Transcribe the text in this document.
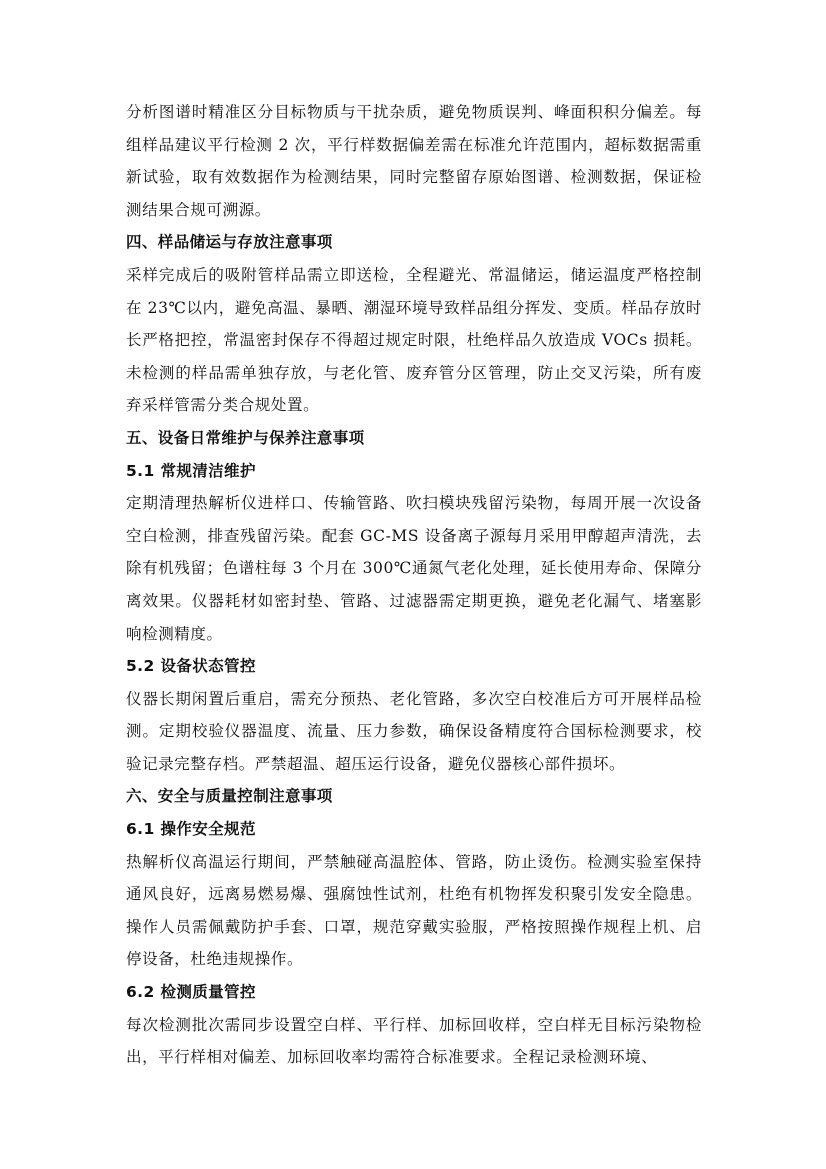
分析图谱时精准区分目标物质与干扰杂质，避免物质误判、峰面积积分偏差。每组样品建议平行检测 2 次，平行样数据偏差需在标准允许范围内，超标数据需重新试验，取有效数据作为检测结果，同时完整留存原始图谱、检测数据，保证检测结果合规可溯源。

四、样品储运与存放注意事项

采样完成后的吸附管样品需立即送检，全程避光、常温储运，储运温度严格控制在 23℃以内，避免高温、暴晒、潮湿环境导致样品组分挥发、变质。样品存放时长严格把控，常温密封保存不得超过规定时限，杜绝样品久放造成 VOCs 损耗。未检测的样品需单独存放，与老化管、废弃管分区管理，防止交叉污染，所有废弃采样管需分类合规处置。

五、设备日常维护与保养注意事项

5.1 常规清洁维护

定期清理热解析仪进样口、传输管路、吹扫模块残留污染物，每周开展一次设备空白检测，排查残留污染。配套 GC-MS 设备离子源每月采用甲醇超声清洗，去除有机残留；色谱柱每 3 个月在 300℃通氮气老化处理，延长使用寿命、保障分离效果。仪器耗材如密封垫、管路、过滤器需定期更换，避免老化漏气、堵塞影响检测精度。

5.2 设备状态管控

仪器长期闲置后重启，需充分预热、老化管路，多次空白校准后方可开展样品检测。定期校验仪器温度、流量、压力参数，确保设备精度符合国标检测要求，校验记录完整存档。严禁超温、超压运行设备，避免仪器核心部件损坏。

六、安全与质量控制注意事项

6.1 操作安全规范

热解析仪高温运行期间，严禁触碰高温腔体、管路，防止烫伤。检测实验室保持通风良好，远离易燃易爆、强腐蚀性试剂，杜绝有机物挥发积聚引发安全隐患。操作人员需佩戴防护手套、口罩，规范穿戴实验服，严格按照操作规程上机、启停设备，杜绝违规操作。

6.2 检测质量管控

每次检测批次需同步设置空白样、平行样、加标回收样，空白样无目标污染物检出，平行样相对偏差、加标回收率均需符合标准要求。全程记录检测环境、
